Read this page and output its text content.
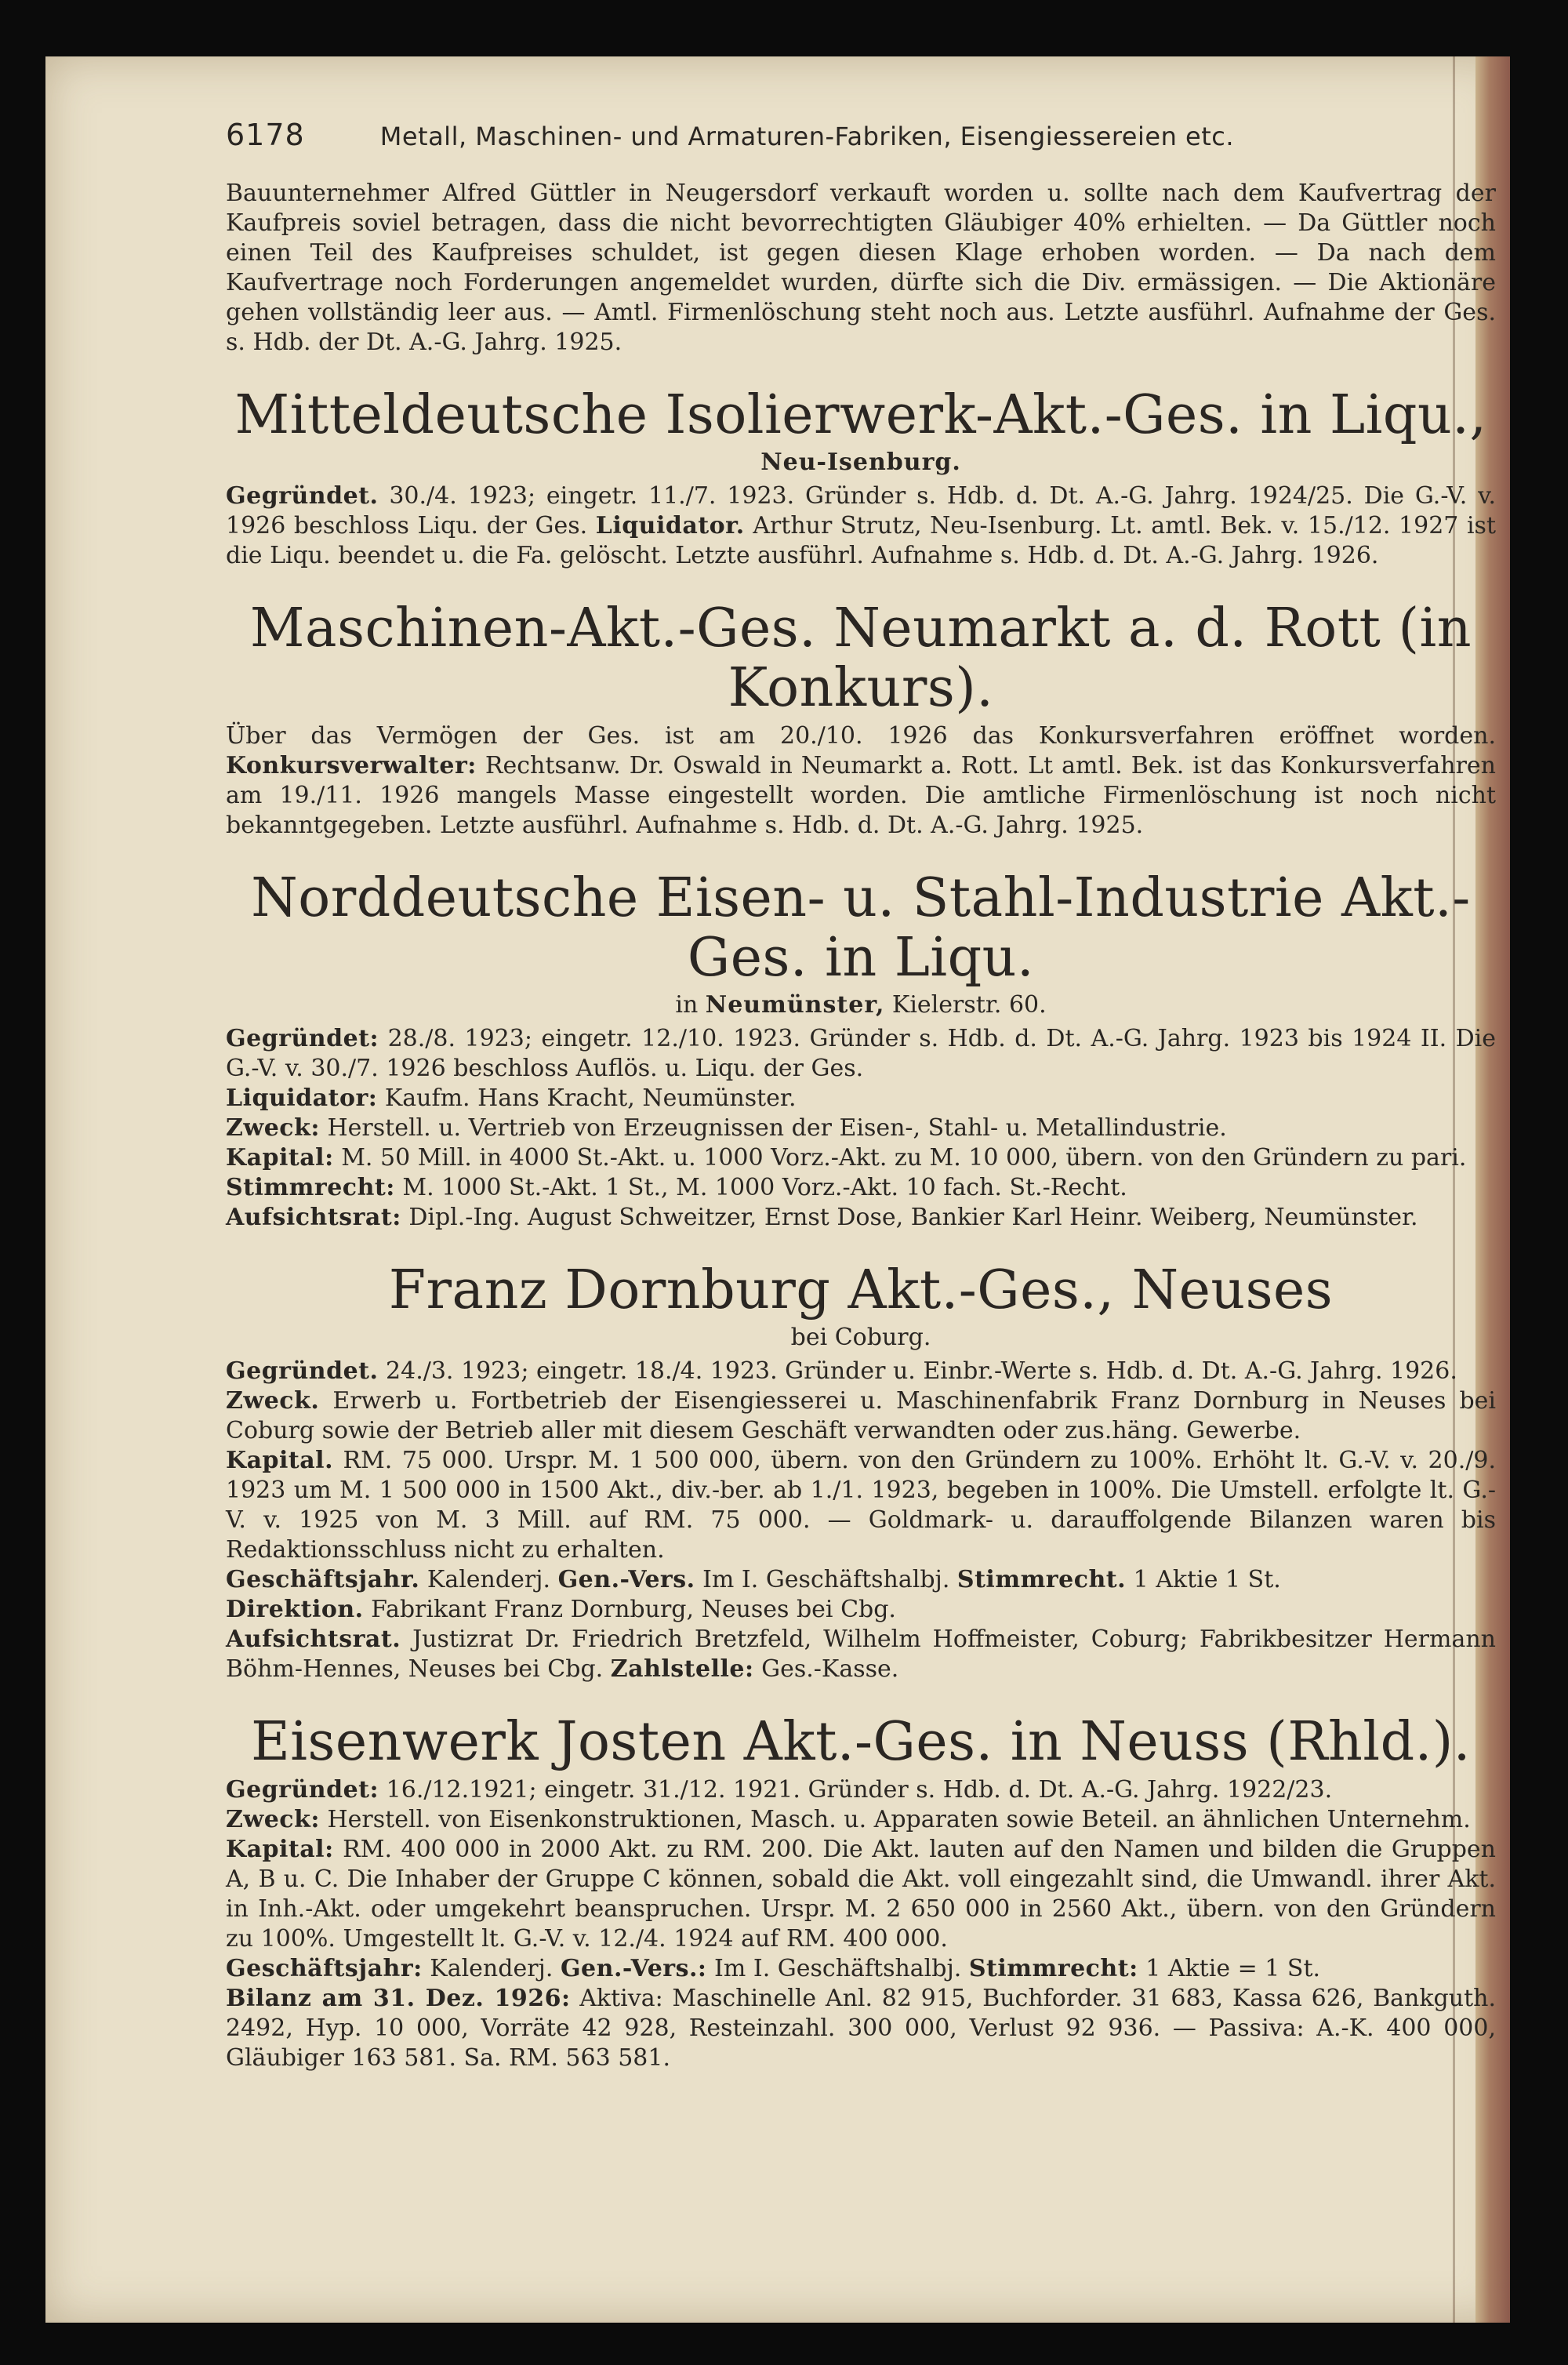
6178	Metall, Maschinen- und Armaturen-Fabriken, Eisengiessereien etc.

Bauunternehmer Alfred Güttler in Neugersdorf verkauft worden u. sollte nach dem Kaufvertrag der Kaufpreis soviel betragen, dass die nicht bevorrechtigten Gläubiger 40% erhielten. — Da Güttler noch einen Teil des Kaufpreises schuldet, ist gegen diesen Klage erhoben worden. — Da nach dem Kaufvertrage noch Forderungen angemeldet wurden, dürfte sich die Div. ermässigen. — Die Aktionäre gehen vollständig leer aus. — Amtl. Firmenlöschung steht noch aus. Letzte ausführl. Aufnahme der Ges. s. Hdb. der Dt. A.-G. Jahrg. 1925.

Mitteldeutsche Isolierwerk-Akt.-Ges. in Liqu.,

Neu-Isenburg.

Gegründet. 30./4. 1923; eingetr. 11./7. 1923. Gründer s. Hdb. d. Dt. A.-G. Jahrg. 1924/25. Die G.-V. v. 1926 beschloss Liqu. der Ges. Liquidator. Arthur Strutz, Neu-Isenburg. Lt. amtl. Bek. v. 15./12. 1927 ist die Liqu. beendet u. die Fa. gelöscht. Letzte ausführl. Aufnahme s. Hdb. d. Dt. A.-G. Jahrg. 1926.

Maschinen-Akt.-Ges. Neumarkt a. d. Rott (in Konkurs).

Über das Vermögen der Ges. ist am 20./10. 1926 das Konkursverfahren eröffnet worden. Konkursverwalter: Rechtsanw. Dr. Oswald in Neumarkt a. Rott. Lt amtl. Bek. ist das Konkursverfahren am 19./11. 1926 mangels Masse eingestellt worden. Die amtliche Firmenlöschung ist noch nicht bekanntgegeben. Letzte ausführl. Aufnahme s. Hdb. d. Dt. A.-G. Jahrg. 1925.

Norddeutsche Eisen- u. Stahl-Industrie Akt.-Ges. in Liqu.

in Neumünster, Kielerstr. 60.

Gegründet: 28./8. 1923; eingetr. 12./10. 1923. Gründer s. Hdb. d. Dt. A.-G. Jahrg. 1923 bis 1924 II. Die G.-V. v. 30./7. 1926 beschloss Auflös. u. Liqu. der Ges.

Liquidator: Kaufm. Hans Kracht, Neumünster.

Zweck: Herstell. u. Vertrieb von Erzeugnissen der Eisen-, Stahl- u. Metallindustrie.

Kapital: M. 50 Mill. in 4000 St.-Akt. u. 1000 Vorz.-Akt. zu M. 10 000, übern. von den Gründern zu pari.

Stimmrecht: M. 1000 St.-Akt. 1 St., M. 1000 Vorz.-Akt. 10 fach. St.-Recht.

Aufsichtsrat: Dipl.-Ing. August Schweitzer, Ernst Dose, Bankier Karl Heinr. Weiberg, Neumünster.

Franz Dornburg Akt.-Ges., Neuses

bei Coburg.

Gegründet. 24./3. 1923; eingetr. 18./4. 1923. Gründer u. Einbr.-Werte s. Hdb. d. Dt. A.-G. Jahrg. 1926.

Zweck. Erwerb u. Fortbetrieb der Eisengiesserei u. Maschinenfabrik Franz Dornburg in Neuses bei Coburg sowie der Betrieb aller mit diesem Geschäft verwandten oder zus.häng. Gewerbe.

Kapital. RM. 75 000. Urspr. M. 1 500 000, übern. von den Gründern zu 100%. Erhöht lt. G.-V. v. 20./9. 1923 um M. 1 500 000 in 1500 Akt., div.-ber. ab 1./1. 1923, begeben in 100%. Die Umstell. erfolgte lt. G.-V. v. 1925 von M. 3 Mill. auf RM. 75 000. — Goldmark- u. darauffolgende Bilanzen waren bis Redaktionsschluss nicht zu erhalten.

Geschäftsjahr. Kalenderj. Gen.-Vers. Im I. Geschäftshalbj. Stimmrecht. 1 Aktie 1 St.

Direktion. Fabrikant Franz Dornburg, Neuses bei Cbg.

Aufsichtsrat. Justizrat Dr. Friedrich Bretzfeld, Wilhelm Hoffmeister, Coburg; Fabrikbesitzer Hermann Böhm-Hennes, Neuses bei Cbg. Zahlstelle: Ges.-Kasse.

Eisenwerk Josten Akt.-Ges. in Neuss (Rhld.).

Gegründet: 16./12.1921; eingetr. 31./12. 1921. Gründer s. Hdb. d. Dt. A.-G. Jahrg. 1922/23.

Zweck: Herstell. von Eisenkonstruktionen, Masch. u. Apparaten sowie Beteil. an ähnlichen Unternehm.

Kapital: RM. 400 000 in 2000 Akt. zu RM. 200. Die Akt. lauten auf den Namen und bilden die Gruppen A, B u. C. Die Inhaber der Gruppe C können, sobald die Akt. voll eingezahlt sind, die Umwandl. ihrer Akt. in Inh.-Akt. oder umgekehrt beanspruchen. Urspr. M. 2 650 000 in 2560 Akt., übern. von den Gründern zu 100%. Umgestellt lt. G.-V. v. 12./4. 1924 auf RM. 400 000.

Geschäftsjahr: Kalenderj. Gen.-Vers.: Im I. Geschäftshalbj. Stimmrecht: 1 Aktie = 1 St.

Bilanz am 31. Dez. 1926: Aktiva: Maschinelle Anl. 82 915, Buchforder. 31 683, Kassa 626, Bankguth. 2492, Hyp. 10 000, Vorräte 42 928, Resteinzahl. 300 000, Verlust 92 936. — Passiva: A.-K. 400 000, Gläubiger 163 581. Sa. RM. 563 581.
